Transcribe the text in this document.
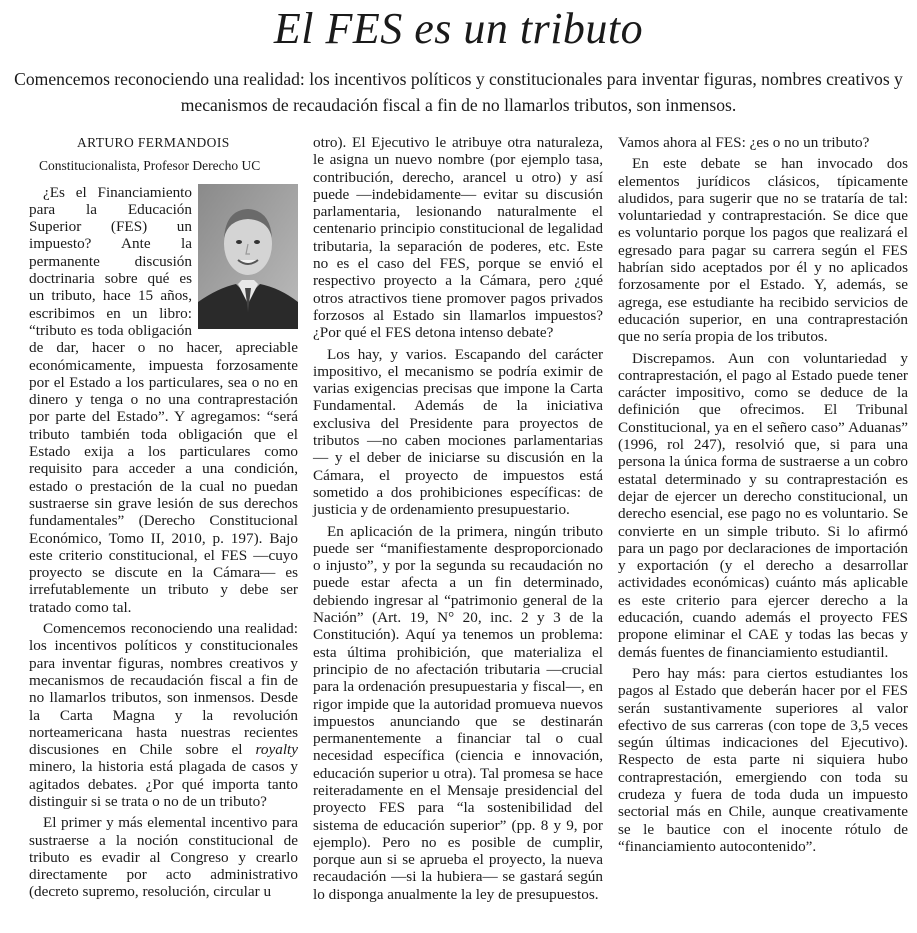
El FES es un tributo
Comencemos reconociendo una realidad: los incentivos políticos y constitucionales para inventar figuras, nombres creativos y mecanismos de recaudación fiscal a fin de no llamarlos tributos, son inmensos.
ARTURO FERMANDOIS
Constitucionalista, Profesor Derecho UC

¿Es el Financiamiento para la Educación Superior (FES) un impuesto? Ante la permanente discusión doctrinaria sobre qué es un tributo, hace 15 años, escribimos en un libro: “tributo es toda obligación de dar, hacer o no hacer, apreciable económicamente, impuesta forzosamente por el Estado a los particulares, sea o no en dinero y tenga o no una contraprestación por parte del Estado”. Y agregamos: “será tributo también toda obligación que el Estado exija a los particulares como requisito para acceder a una condición, estado o prestación de la cual no puedan sustraerse sin grave lesión de sus derechos fundamentales” (Derecho Constitucional Económico, Tomo II, 2010, p. 197). Bajo este criterio constitucional, el FES —cuyo proyecto se discute en la Cámara— es irrefutablemente un tributo y debe ser tratado como tal.

Comencemos reconociendo una realidad: los incentivos políticos y constitucionales para inventar figuras, nombres creativos y mecanismos de recaudación fiscal a fin de no llamarlos tributos, son inmensos. Desde la Carta Magna y la revolución norteamericana hasta nuestras recientes discusiones en Chile sobre el royalty minero, la historia está plagada de casos y agitados debates. ¿Por qué importa tanto distinguir si se trata o no de un tributo?

El primer y más elemental incentivo para sustraerse a la noción constitucional de tributo es evadir al Congreso y crearlo directamente por acto administrativo (decreto supremo, resolución, circular u

otro). El Ejecutivo le atribuye otra naturaleza, le asigna un nuevo nombre (por ejemplo tasa, contribución, derecho, arancel u otro) y así puede —indebidamente— evitar su discusión parlamentaria, lesionando naturalmente el centenario principio constitucional de legalidad tributaria, la separación de poderes, etc. Este no es el caso del FES, porque se envió el respectivo proyecto a la Cámara, pero ¿qué otros atractivos tiene promover pagos privados forzosos al Estado sin llamarlos impuestos? ¿Por qué el FES detona intenso debate?

Los hay, y varios. Escapando del carácter impositivo, el mecanismo se podría eximir de varias exigencias precisas que impone la Carta Fundamental. Además de la iniciativa exclusiva del Presidente para proyectos de tributos —no caben mociones parlamentarias— y el deber de iniciarse su discusión en la Cámara, el proyecto de impuestos está sometido a dos prohibiciones específicas: de justicia y de ordenamiento presupuestario.

En aplicación de la primera, ningún tributo puede ser “manifiestamente desproporcionado o injusto”, y por la segunda su recaudación no puede estar afecta a un fin determinado, debiendo ingresar al “patrimonio general de la Nación” (Art. 19, N° 20, inc. 2 y 3 de la Constitución). Aquí ya tenemos un problema: esta última prohibición, que materializa el principio de no afectación tributaria —crucial para la ordenación presupuestaria y fiscal—, en rigor impide que la autoridad promueva nuevos impuestos anunciando que se destinarán permanentemente a financiar tal o cual necesidad específica (ciencia e innovación, educación superior u otra). Tal promesa se hace reiteradamente en el Mensaje presidencial del proyecto FES para “la sostenibilidad del sistema de educación superior” (pp. 8 y 9, por ejemplo). Pero no es posible de cumplir, porque aun si se aprueba el proyecto, la nueva recaudación —si la hubiera— se gastará según lo disponga anualmente la ley de presupuestos.

Vamos ahora al FES: ¿es o no un tributo?

En este debate se han invocado dos elementos jurídicos clásicos, típicamente aludidos, para sugerir que no se trataría de tal: voluntariedad y contraprestación. Se dice que es voluntario porque los pagos que realizará el egresado para pagar su carrera según el FES habrían sido aceptados por él y no aplicados forzosamente por el Estado. Y, además, se agrega, ese estudiante ha recibido servicios de educación superior, en una contraprestación que no sería propia de los tributos.

Discrepamos. Aun con voluntariedad y contraprestación, el pago al Estado puede tener carácter impositivo, como se deduce de la definición que ofrecimos. El Tribunal Constitucional, ya en el señero caso” Aduanas” (1996, rol 247), resolvió que, si para una persona la única forma de sustraerse a un cobro estatal determinado y su contraprestación es dejar de ejercer un derecho constitucional, un derecho esencial, ese pago no es voluntario. Se convierte en un simple tributo. Si lo afirmó para un pago por declaraciones de importación y exportación (y el derecho a desarrollar actividades económicas) cuánto más aplicable es este criterio para ejercer derecho a la educación, cuando además el proyecto FES propone eliminar el CAE y todas las becas y demás fuentes de financiamiento estudiantil.

Pero hay más: para ciertos estudiantes los pagos al Estado que deberán hacer por el FES serán sustantivamente superiores al valor efectivo de sus carreras (con tope de 3,5 veces según últimas indicaciones del Ejecutivo). Respecto de esta parte ni siquiera hubo contraprestación, emergiendo con toda su crudeza y fuera de toda duda un impuesto sectorial más en Chile, aunque creativamente se le bautice con el inocente rótulo de “financiamiento autocontenido”.
